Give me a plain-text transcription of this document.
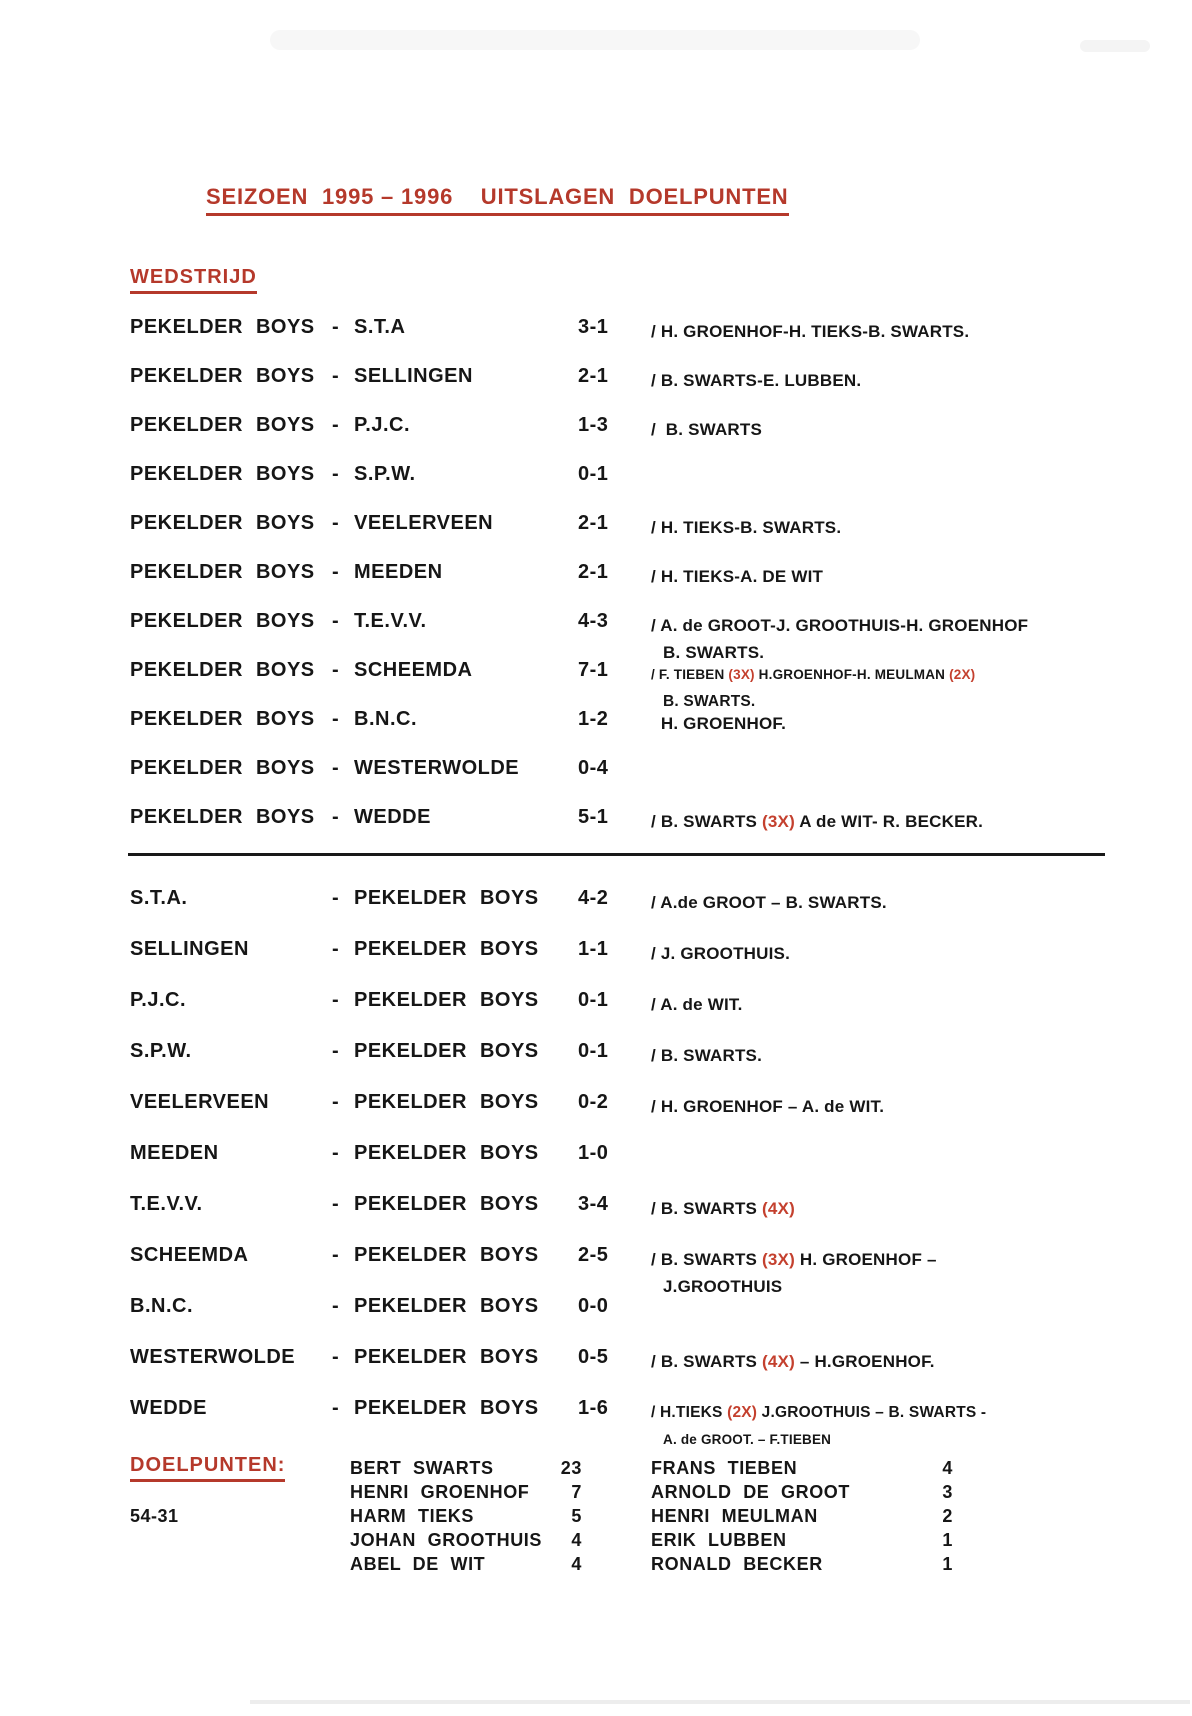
SEIZOEN  1995 – 1996    UITSLAGEN  DOELPUNTEN
WEDSTRIJD
PEKELDER BOYS - S.T.A	3-1	/ H. GROENHOF-H. TIEKS-B. SWARTS.
PEKELDER BOYS - SELLINGEN	2-1	/ B. SWARTS-E. LUBBEN.
PEKELDER BOYS - P.J.C.	1-3	/  B. SWARTS
PEKELDER BOYS - S.P.W.	0-1
PEKELDER BOYS - VEELERVEEN	2-1	/ H. TIEKS-B. SWARTS.
PEKELDER BOYS - MEEDEN	2-1	/ H. TIEKS-A. DE WIT
PEKELDER BOYS - T.E.V.V.	4-3	/ A. de GROOT-J. GROOTHUIS-H. GROENHOF
B. SWARTS.
PEKELDER BOYS - SCHEEMDA	7-1	/ F. TIEBEN (3X) H.GROENHOF-H. MEULMAN (2X)
B. SWARTS.
PEKELDER BOYS - B.N.C.	1-2	H. GROENHOF.
PEKELDER BOYS - WESTERWOLDE	0-4
PEKELDER BOYS - WEDDE	5-1	/ B. SWARTS (3X) A de WIT- R. BECKER.
S.T.A.	- PEKELDER BOYS	4-2	/ A.de GROOT – B. SWARTS.
SELLINGEN	- PEKELDER BOYS	1-1	/ J. GROOTHUIS.
P.J.C.	- PEKELDER BOYS	0-1	/ A. de WIT.
S.P.W.	- PEKELDER BOYS	0-1	/ B. SWARTS.
VEELERVEEN	- PEKELDER BOYS	0-2	/ H. GROENHOF – A. de WIT.
MEEDEN	- PEKELDER BOYS	1-0
T.E.V.V.	- PEKELDER BOYS	3-4	/ B. SWARTS (4X)
SCHEEMDA	- PEKELDER BOYS	2-5	/ B. SWARTS (3X) H. GROENHOF –
J.GROOTHUIS
B.N.C.	- PEKELDER BOYS	0-0
WESTERWOLDE	- PEKELDER BOYS	0-5	/ B. SWARTS (4X) – H.GROENHOF.
WEDDE	- PEKELDER BOYS	1-6	/ H.TIEKS (2X) J.GROOTHUIS – B. SWARTS -
A. de GROOT. – F.TIEBEN
DOELPUNTEN:
54-31
BERT SWARTS	23	FRANS TIEBEN	4
HENRI GROENHOF	7	ARNOLD DE GROOT	3
HARM TIEKS	5	HENRI MEULMAN	2
JOHAN GROOTHUIS	4	ERIK LUBBEN	1
ABEL DE WIT	4	RONALD BECKER	1
